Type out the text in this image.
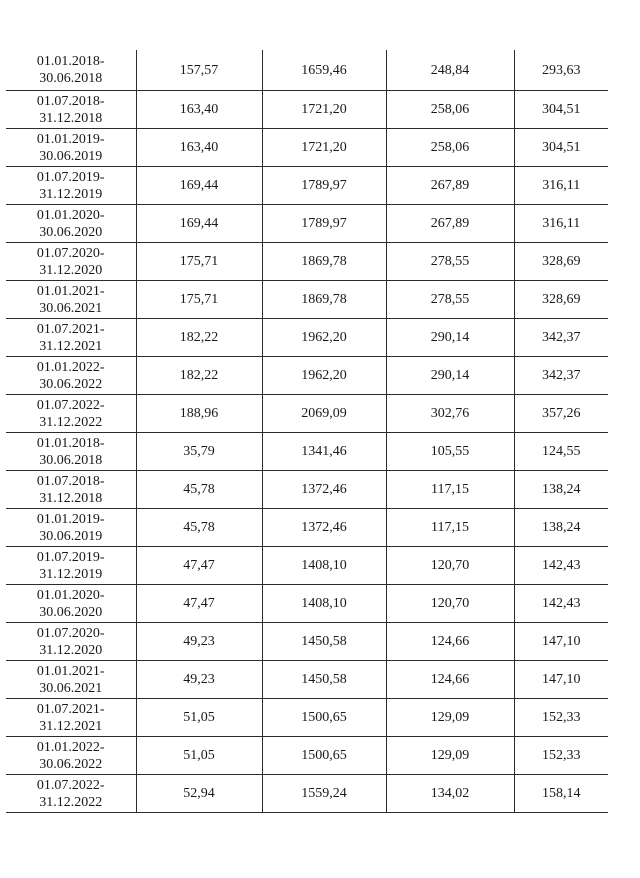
01.01.2018-
30.06.2018	157,57	1659,46	248,84	293,63

01.07.2018-
31.12.2018	163,40	1721,20	258,06	304,51

01.01.2019-
30.06.2019	163,40	1721,20	258,06	304,51

01.07.2019-
31.12.2019	169,44	1789,97	267,89	316,11

01.01.2020-
30.06.2020	169,44	1789,97	267,89	316,11

01.07.2020-
31.12.2020	175,71	1869,78	278,55	328,69

01.01.2021-
30.06.2021	175,71	1869,78	278,55	328,69

01.07.2021-
31.12.2021	182,22	1962,20	290,14	342,37

01.01.2022-
30.06.2022	182,22	1962,20	290,14	342,37

01.07.2022-
31.12.2022	188,96	2069,09	302,76	357,26

01.01.2018-
30.06.2018	35,79	1341,46	105,55	124,55

01.07.2018-
31.12.2018	45,78	1372,46	117,15	138,24

01.01.2019-
30.06.2019	45,78	1372,46	117,15	138,24

01.07.2019-
31.12.2019	47,47	1408,10	120,70	142,43

01.01.2020-
30.06.2020	47,47	1408,10	120,70	142,43

01.07.2020-
31.12.2020	49,23	1450,58	124,66	147,10

01.01.2021-
30.06.2021	49,23	1450,58	124,66	147,10

01.07.2021-
31.12.2021	51,05	1500,65	129,09	152,33

01.01.2022-
30.06.2022	51,05	1500,65	129,09	152,33

01.07.2022-
31.12.2022	52,94	1559,24	134,02	158,14
